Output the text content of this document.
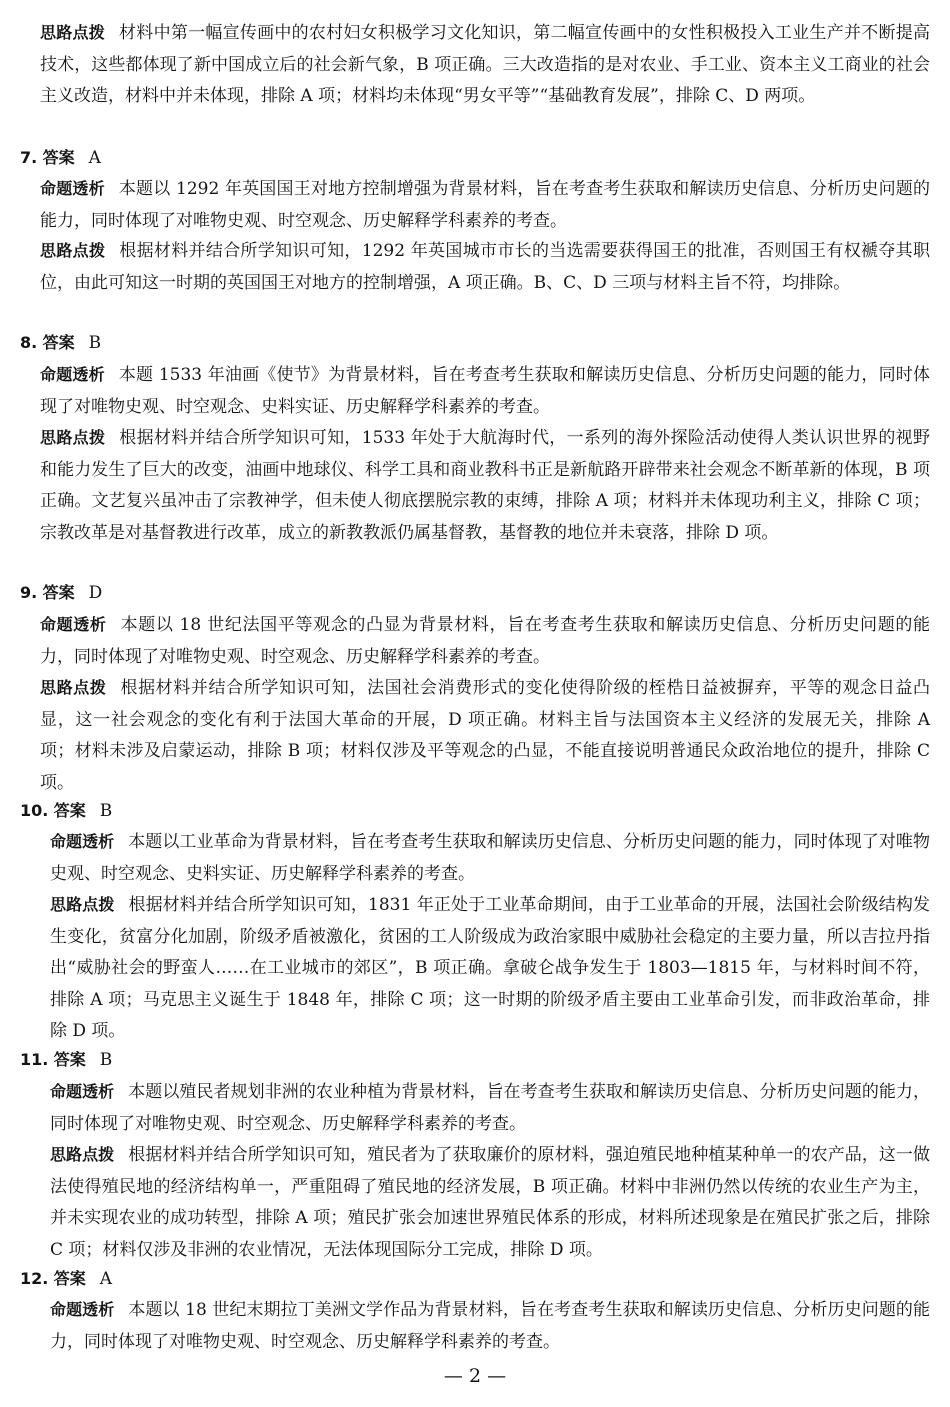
思路点拨 材料中第一幅宣传画中的农村妇女积极学习文化知识，第二幅宣传画中的女性积极投入工业生产并不断提高技术，这些都体现了新中国成立后的社会新气象，B 项正确。三大改造指的是对农业、手工业、资本主义工商业的社会主义改造，材料中并未体现，排除 A 项；材料均未体现“男女平等”“基础教育发展”，排除 C、D 两项。

7. 答案 A

命题透析 本题以 1292 年英国国王对地方控制增强为背景材料，旨在考查考生获取和解读历史信息、分析历史问题的能力，同时体现了对唯物史观、时空观念、历史解释学科素养的考查。

思路点拨 根据材料并结合所学知识可知，1292 年英国城市市长的当选需要获得国王的批准，否则国王有权褫夺其职位，由此可知这一时期的英国国王对地方的控制增强，A 项正确。B、C、D 三项与材料主旨不符，均排除。

8. 答案 B

命题透析 本题 1533 年油画《使节》为背景材料，旨在考查考生获取和解读历史信息、分析历史问题的能力，同时体现了对唯物史观、时空观念、史料实证、历史解释学科素养的考查。

思路点拨 根据材料并结合所学知识可知，1533 年处于大航海时代，一系列的海外探险活动使得人类认识世界的视野和能力发生了巨大的改变，油画中地球仪、科学工具和商业教科书正是新航路开辟带来社会观念不断革新的体现，B 项正确。文艺复兴虽冲击了宗教神学，但未使人彻底摆脱宗教的束缚，排除 A 项；材料并未体现功利主义，排除 C 项；宗教改革是对基督教进行改革，成立的新教教派仍属基督教，基督教的地位并未衰落，排除 D 项。

9. 答案 D

命题透析 本题以 18 世纪法国平等观念的凸显为背景材料，旨在考查考生获取和解读历史信息、分析历史问题的能力，同时体现了对唯物史观、时空观念、历史解释学科素养的考查。

思路点拨 根据材料并结合所学知识可知，法国社会消费形式的变化使得阶级的桎梏日益被摒弃，平等的观念日益凸显，这一社会观念的变化有利于法国大革命的开展，D 项正确。材料主旨与法国资本主义经济的发展无关，排除 A 项；材料未涉及启蒙运动，排除 B 项；材料仅涉及平等观念的凸显，不能直接说明普通民众政治地位的提升，排除 C 项。

10. 答案 B

命题透析 本题以工业革命为背景材料，旨在考查考生获取和解读历史信息、分析历史问题的能力，同时体现了对唯物史观、时空观念、史料实证、历史解释学科素养的考查。

思路点拨 根据材料并结合所学知识可知，1831 年正处于工业革命期间，由于工业革命的开展，法国社会阶级结构发生变化，贫富分化加剧，阶级矛盾被激化，贫困的工人阶级成为政治家眼中威胁社会稳定的主要力量，所以吉拉丹指出“威胁社会的野蛮人……在工业城市的郊区”，B 项正确。拿破仑战争发生于 1803—1815 年，与材料时间不符，排除 A 项；马克思主义诞生于 1848 年，排除 C 项；这一时期的阶级矛盾主要由工业革命引发，而非政治革命，排除 D 项。

11. 答案 B

命题透析 本题以殖民者规划非洲的农业种植为背景材料，旨在考查考生获取和解读历史信息、分析历史问题的能力，同时体现了对唯物史观、时空观念、历史解释学科素养的考查。

思路点拨 根据材料并结合所学知识可知，殖民者为了获取廉价的原材料，强迫殖民地种植某种单一的农产品，这一做法使得殖民地的经济结构单一，严重阻碍了殖民地的经济发展，B 项正确。材料中非洲仍然以传统的农业生产为主，并未实现农业的成功转型，排除 A 项；殖民扩张会加速世界殖民体系的形成，材料所述现象是在殖民扩张之后，排除 C 项；材料仅涉及非洲的农业情况，无法体现国际分工完成，排除 D 项。

12. 答案 A

命题透析 本题以 18 世纪末期拉丁美洲文学作品为背景材料，旨在考查考生获取和解读历史信息、分析历史问题的能力，同时体现了对唯物史观、时空观念、历史解释学科素养的考查。

— 2 —
